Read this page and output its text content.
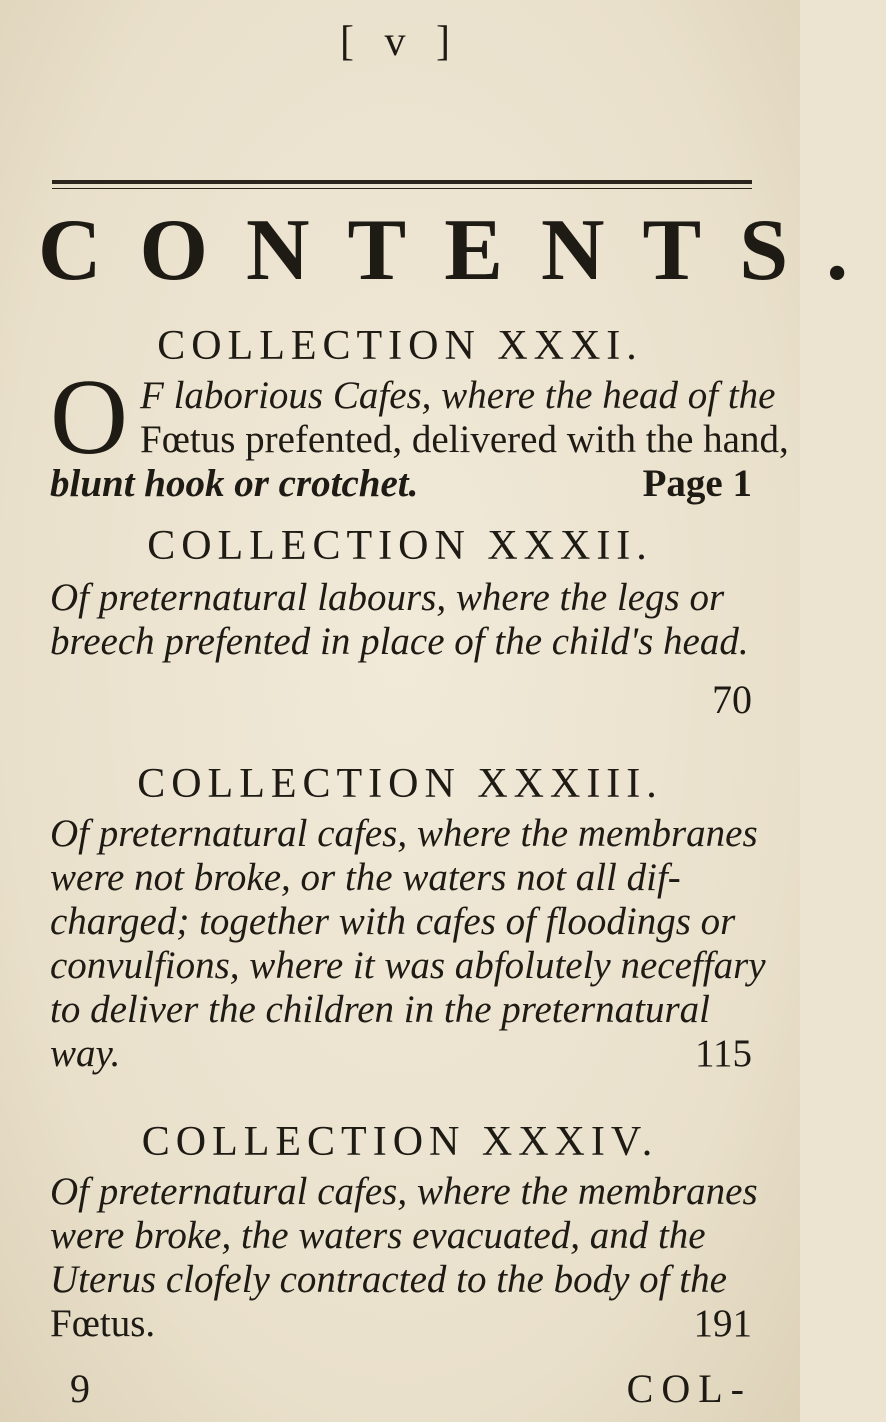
[ v ]
CONTENTS.
COLLECTION XXXI.
O F laborious Cafes, where the head of the
Fœtus prefented, delivered with the hand,
blunt hook or crotchet.	Page 1
COLLECTION XXXII.
Of preternatural labours, where the legs or
breech prefented in place of the child's head.
70
COLLECTION XXXIII.
Of preternatural cafes, where the membranes
were not broke, or the waters not all dif-
charged; together with cafes of floodings or
convulfions, where it was abfolutely neceffary
to deliver the children in the preternatural
way.	115
COLLECTION XXXIV.
Of preternatural cafes, where the membranes
were broke, the waters evacuated, and the
Uterus clofely contracted to the body of the
Fœtus.	191
9	COL-
